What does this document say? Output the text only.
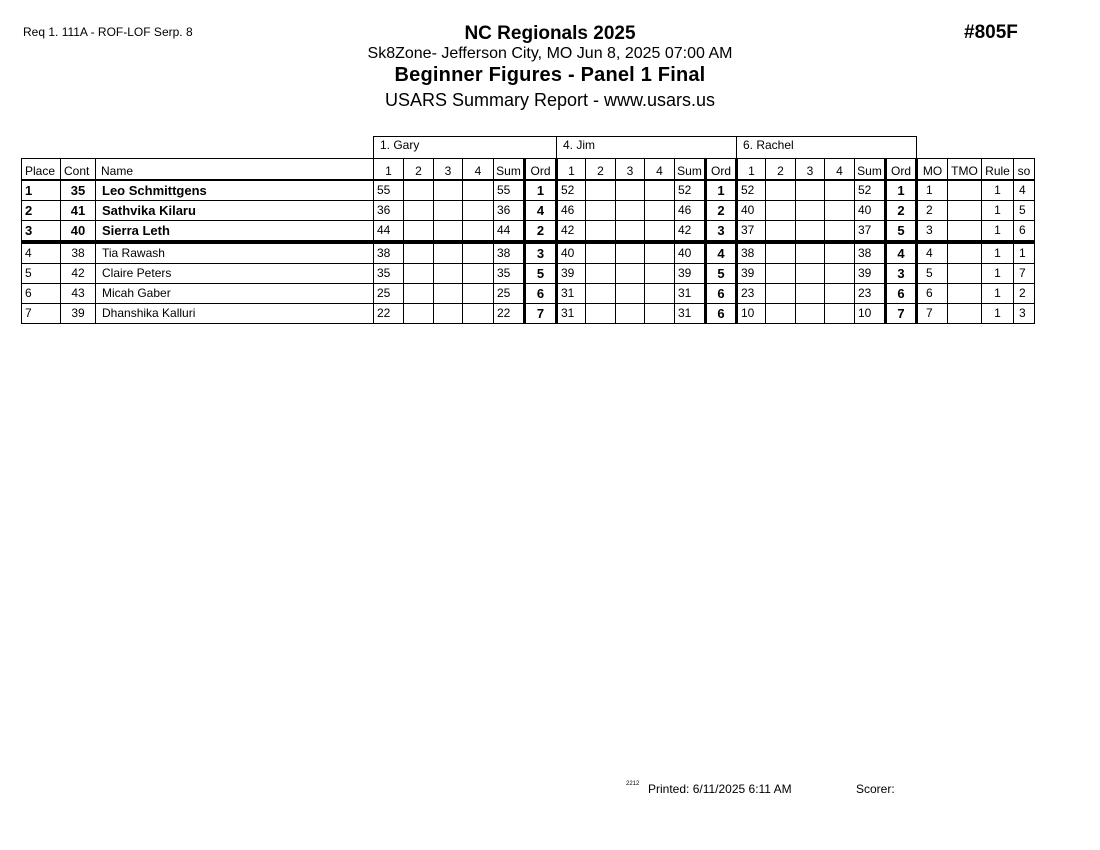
Req 1. 111A - ROF-LOF Serp. 8	NC Regionals 2025
Sk8Zone- Jefferson City, MO Jun 8, 2025 07:00 AM
Beginner Figures - Panel 1 Final
USARS Summary Report - www.usars.us
#805F
			1. Gary						4. Jim						6. Rachel									
Place	Cont	Name	1	2	3	4	Sum	Ord	1	2	3	4	Sum	Ord	1	2	3	4	Sum	Ord	MO	TMO	Rule	so
1	35	Leo Schmittgens	55				55	1	52				52	1	52				52	1	1		1	4
2	41	Sathvika Kilaru	36				36	4	46				46	2	40				40	2	2		1	5
3	40	Sierra Leth	44				44	2	42				42	3	37				37	5	3		1	6
4	38	Tia Rawash	38				38	3	40				40	4	38				38	4	4		1	1
5	42	Claire Peters	35				35	5	39				39	5	39				39	3	5		1	7
6	43	Micah Gaber	25				25	6	31				31	6	23				23	6	6		1	2
7	39	Dhanshika Kalluri	22				22	7	31				31	6	10				10	7	7		1	3
2212 Printed: 6/11/2025 6:11 AM	Scorer:
